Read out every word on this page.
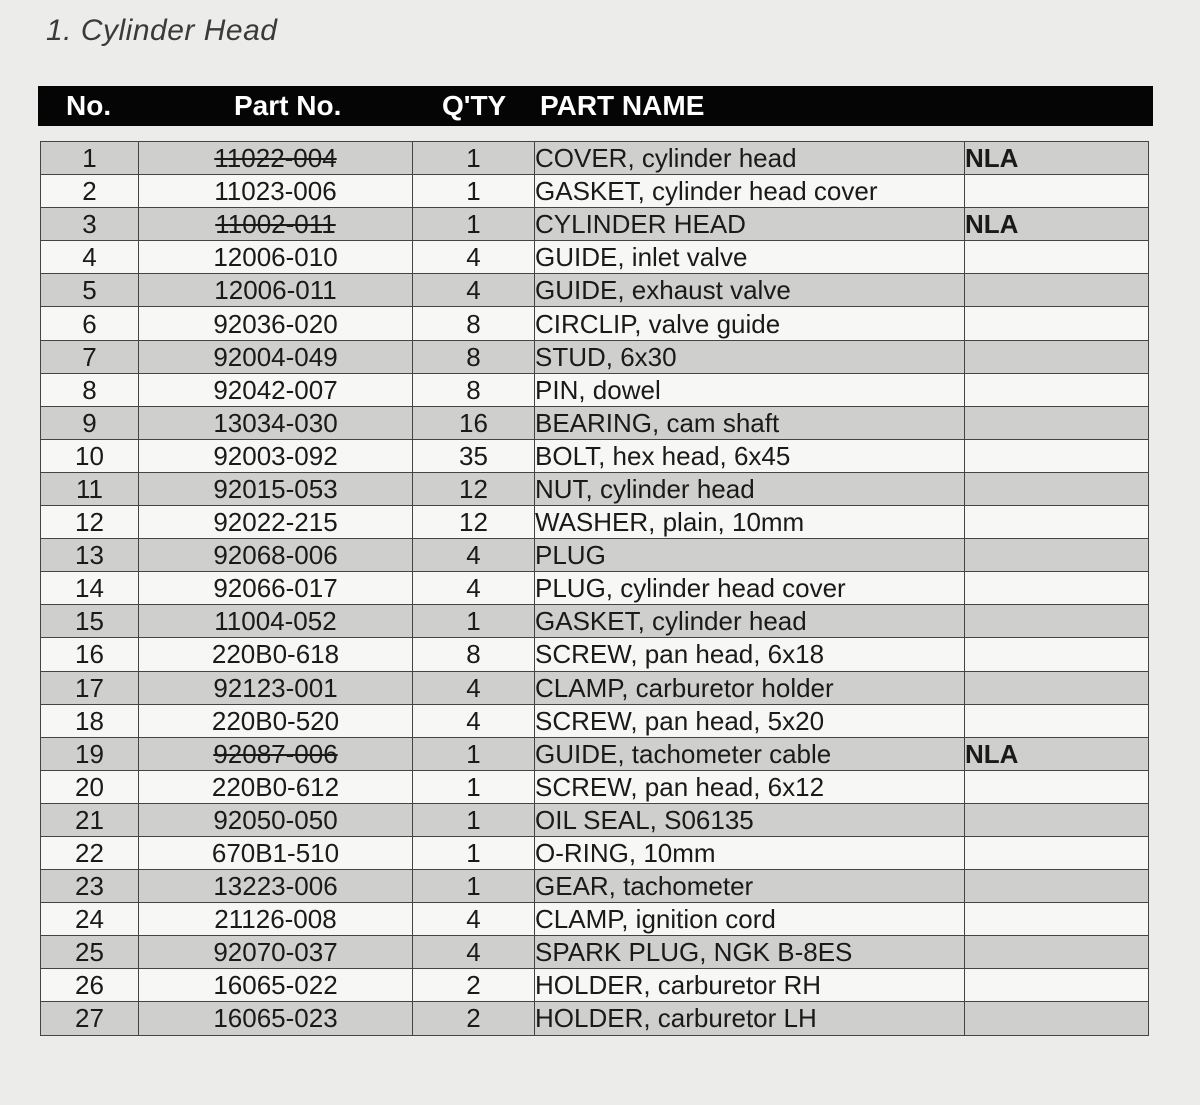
1. Cylinder Head
No.	Part No.	Q'TY PART NAME
1	11022-004	1	COVER, cylinder head	NLA
2	11023-006	1	GASKET, cylinder head cover	
3	11002-011	1	CYLINDER HEAD	NLA
4	12006-010	4	GUIDE, inlet valve	
5	12006-011	4	GUIDE, exhaust valve	
6	92036-020	8	CIRCLIP, valve guide	
7	92004-049	8	STUD, 6x30	
8	92042-007	8	PIN, dowel	
9	13034-030	16	BEARING, cam shaft	
10	92003-092	35	BOLT, hex head, 6x45	
11	92015-053	12	NUT, cylinder head	
12	92022-215	12	WASHER, plain, 10mm	
13	92068-006	4	PLUG	
14	92066-017	4	PLUG, cylinder head cover	
15	11004-052	1	GASKET, cylinder head	
16	220B0-618	8	SCREW, pan head, 6x18	
17	92123-001	4	CLAMP, carburetor holder	
18	220B0-520	4	SCREW, pan head, 5x20	
19	92087-006	1	GUIDE, tachometer cable	NLA
20	220B0-612	1	SCREW, pan head, 6x12	
21	92050-050	1	OIL SEAL, S06135	
22	670B1-510	1	O-RING, 10mm	
23	13223-006	1	GEAR, tachometer	
24	21126-008	4	CLAMP, ignition cord	
25	92070-037	4	SPARK PLUG, NGK B-8ES	
26	16065-022	2	HOLDER, carburetor RH	
27	16065-023	2	HOLDER, carburetor LH	
